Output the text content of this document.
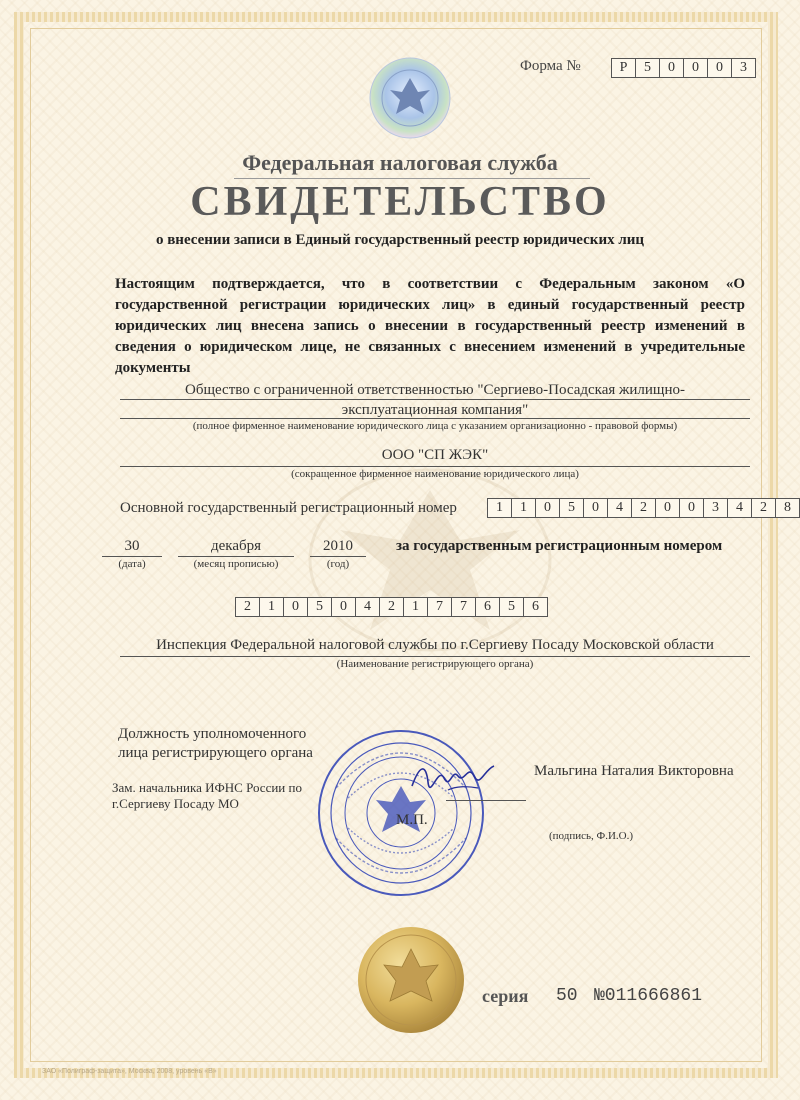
Форма №	Р	5	0	0	0	3
Федеральная налоговая служба
СВИДЕТЕЛЬСТВО
о внесении записи в Единый государственный реестр юридических лиц
Настоящим подтверждается, что в соответствии с Федеральным законом «О государственной регистрации юридических лиц» в единый государственный реестр юридических лиц внесена запись о внесении в государственный реестр изменений в сведения о юридическом лице, не связанных с внесением изменений в учредительные документы
Общество с ограниченной ответственностью "Сергиево-Посадская жилищно-
эксплуатационная компания"
(полное фирменное наименование юридического лица с указанием организационно - правовой формы)
ООО "СП ЖЭК"
(сокращенное фирменное наименование юридического лица)
Основной государственный регистрационный номер	1	1	0	5	0	4	2	0	0	3	4	2	8
30
(дата)
декабря
(месяц прописью)
2010
(год)
за государственным регистрационным номером
2	1	0	5	0	4	2	1	7	7	6	5	6
Инспекция Федеральной налоговой службы по г.Сергиеву Посаду Московской области
(Наименование регистрирующего органа)
Должность уполномоченного
лица регистрирующего органа
Зам. начальника ИФНС России по
г.Сергиеву Посаду МО
Мальгина Наталия Викторовна
М.П.
(подпись, Ф.И.О.)
серия 50 №011666861
ЗАО «Полиграф-защита», Москва, 2008, уровень «В»
